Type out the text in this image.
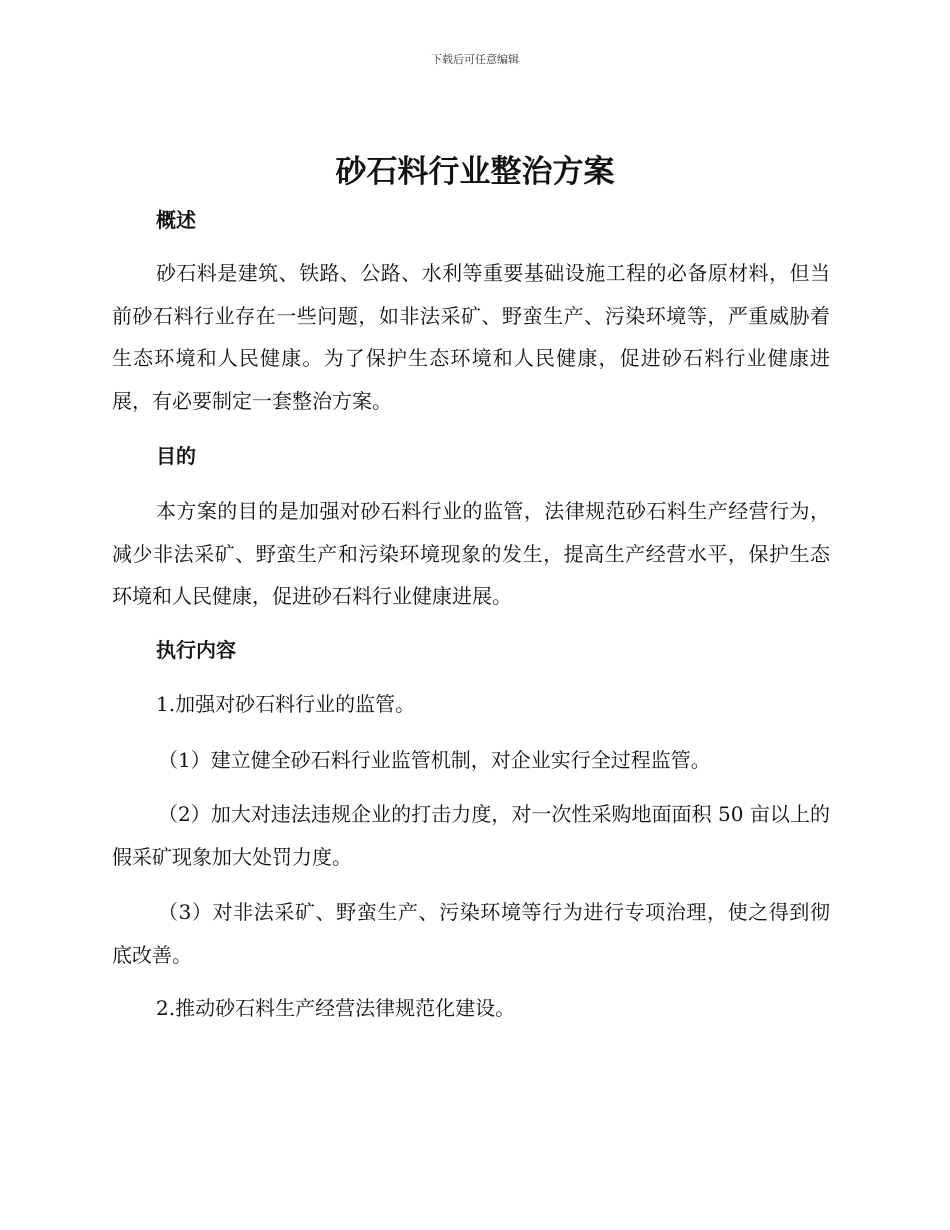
下载后可任意编辑
砂石料行业整治方案
概述

砂石料是建筑、铁路、公路、水利等重要基础设施工程的必备原材料，但当前砂石料行业存在一些问题，如非法采矿、野蛮生产、污染环境等，严重威胁着生态环境和人民健康。为了保护生态环境和人民健康，促进砂石料行业健康进展，有必要制定一套整治方案。

目的

本方案的目的是加强对砂石料行业的监管，法律规范砂石料生产经营行为，减少非法采矿、野蛮生产和污染环境现象的发生，提高生产经营水平，保护生态环境和人民健康，促进砂石料行业健康进展。

执行内容
1.加强对砂石料行业的监管。
（1）建立健全砂石料行业监管机制，对企业实行全过程监管。

（2）加大对违法违规企业的打击力度，对一次性采购地面面积 50 亩以上的假采矿现象加大处罚力度。

（3）对非法采矿、野蛮生产、污染环境等行为进行专项治理，使之得到彻底改善。

2.推动砂石料生产经营法律规范化建设。
